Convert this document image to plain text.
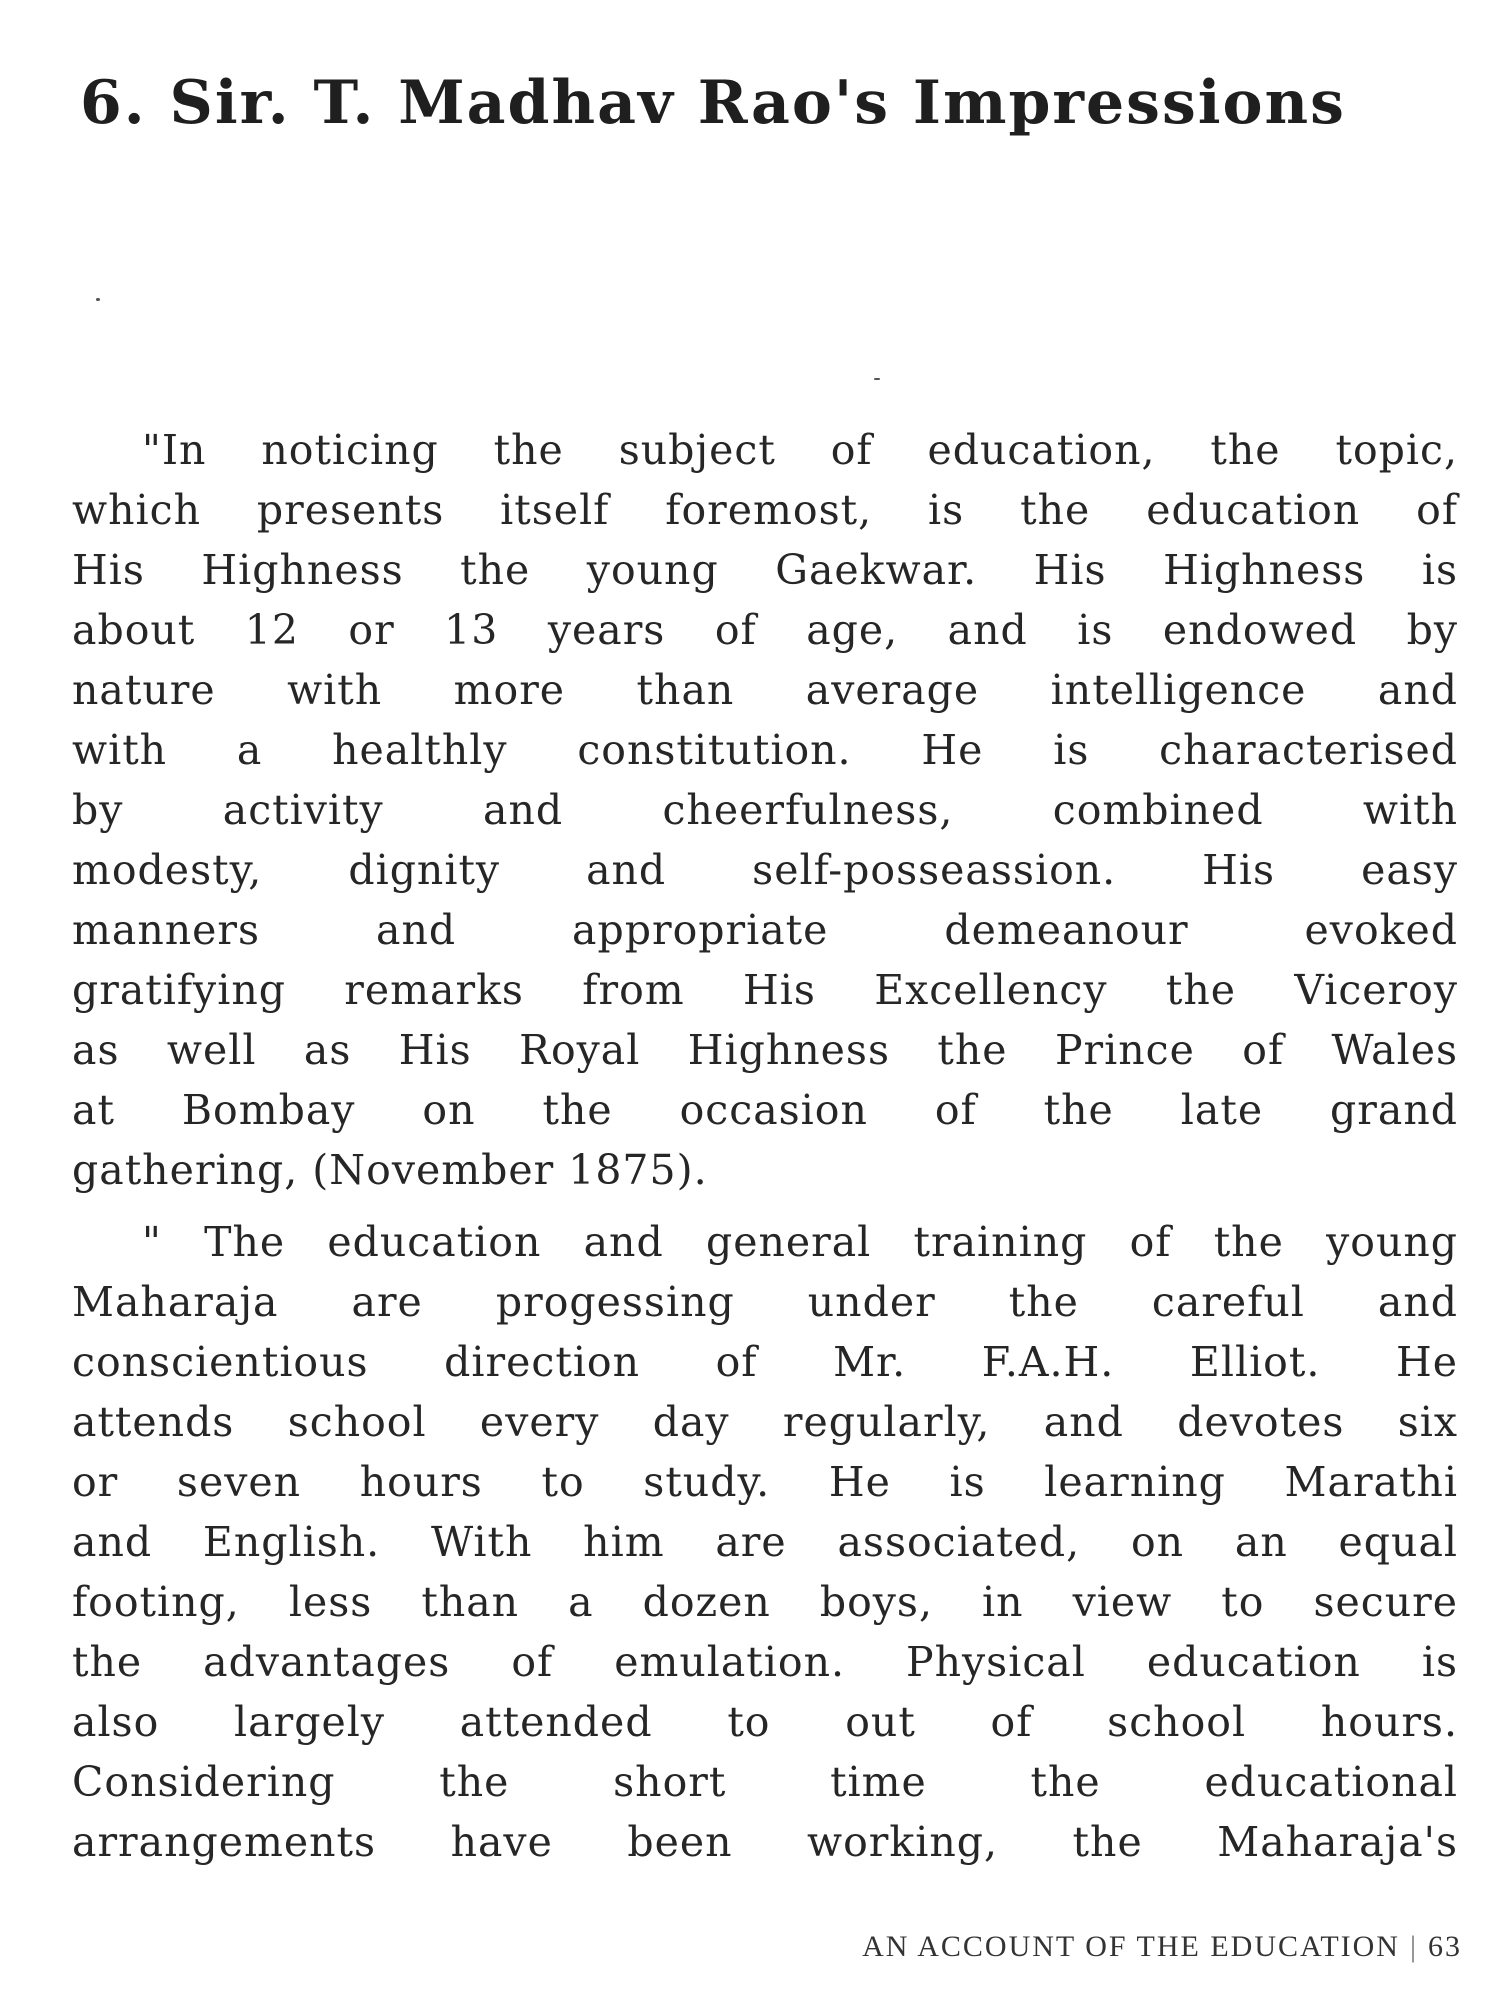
6. Sir. T. Madhav Rao's Impressions

"In noticing the subject of education, the topic,
which presents itself foremost, is the education of
His Highness the young Gaekwar. His Highness is
about 12 or 13 years of age, and is endowed by
nature with more than average intelligence and
with a healthly constitution. He is characterised
by activity and cheerfulness, combined with
modesty, dignity and self-posseassion. His easy
manners and appropriate demeanour evoked
gratifying remarks from His Excellency the Viceroy
as well as His Royal Highness the Prince of Wales
at Bombay on the occasion of the late grand
gathering, (November 1875).

" The education and general training of the young
Maharaja are progessing under the careful and
conscientious direction of Mr. F.A.H. Elliot. He
attends school every day regularly, and devotes six
or seven hours to study. He is learning Marathi
and English. With him are associated, on an equal
footing, less than a dozen boys, in view to secure
the advantages of emulation. Physical education is
also largely attended to out of school hours.
Considering the short time the educational
arrangements have been working, the Maharaja's

AN ACCOUNT OF THE EDUCATION | 63
